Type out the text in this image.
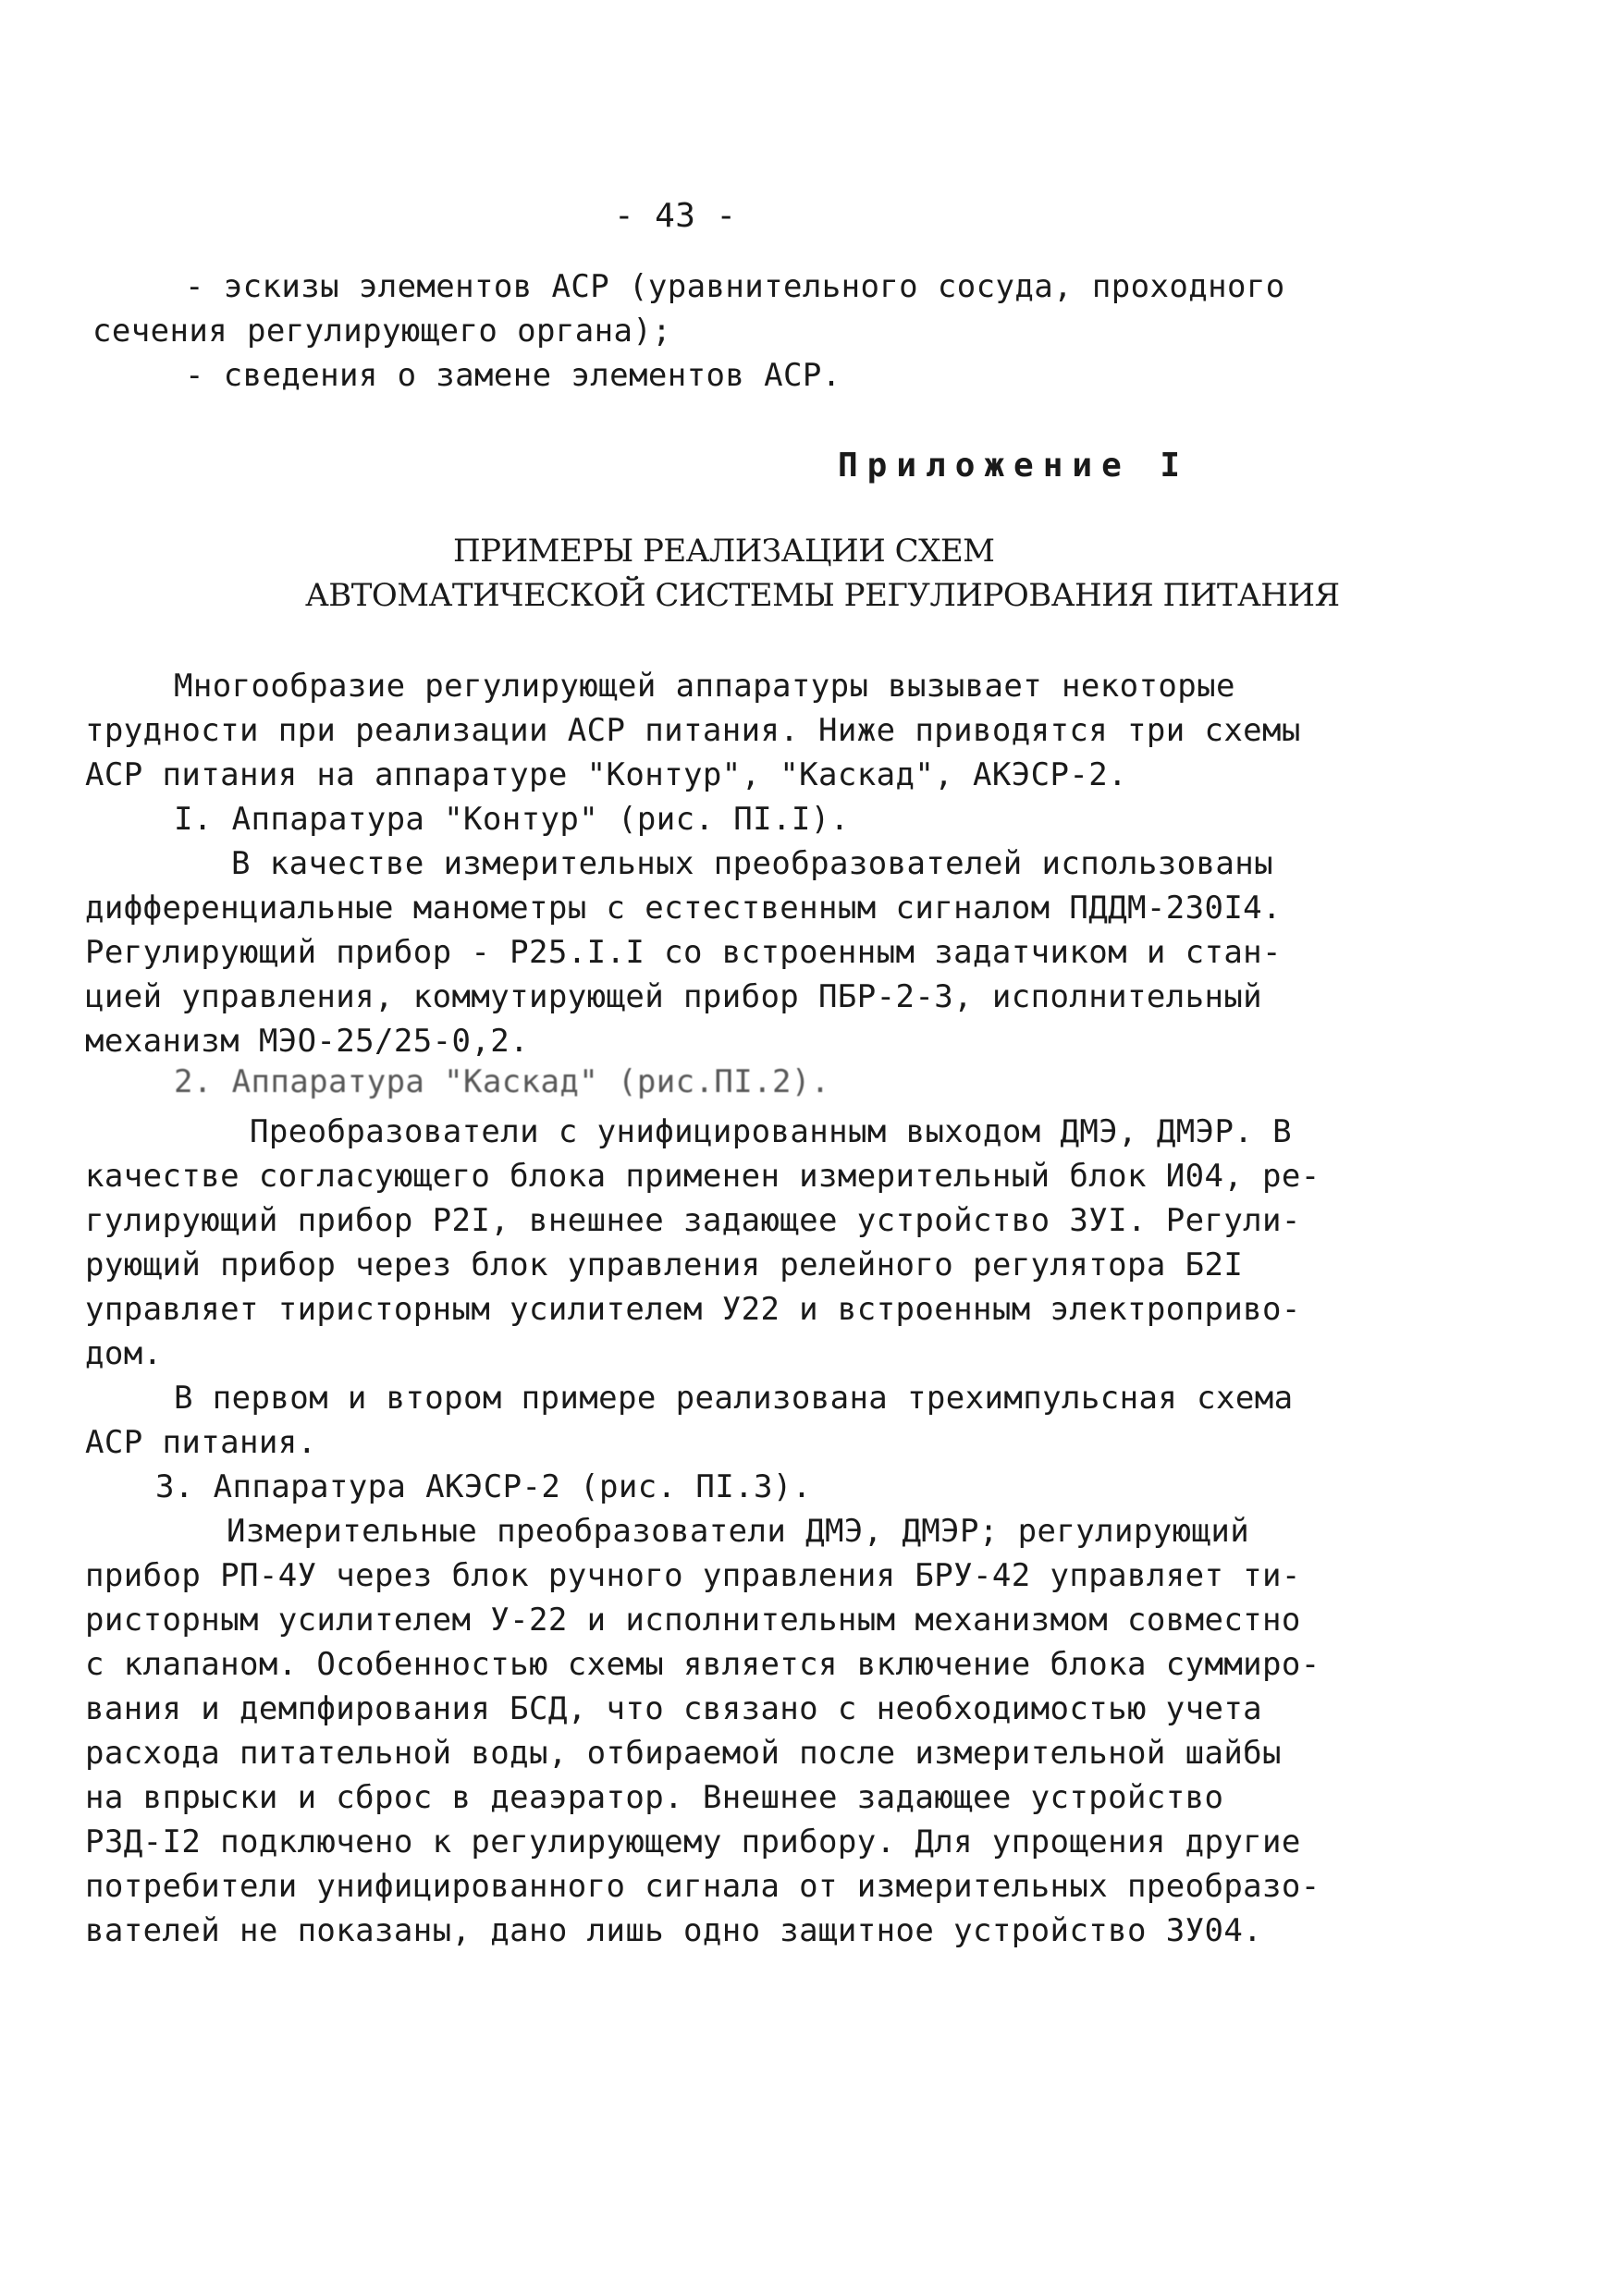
- 43 -
- эскизы элементов АСР (уравнительного сосуда, проходного
сечения регулирующего органа);
- сведения о замене элементов АСР.
Приложение I
ПРИМЕРЫ РЕАЛИЗАЦИИ СХЕМ
АВТОМАТИЧЕСКОЙ СИСТЕМЫ РЕГУЛИРОВАНИЯ ПИТАНИЯ
Многообразие регулирующей аппаратуры вызывает некоторые
трудности при реализации АСР питания. Ниже приводятся три схемы
АСР питания на аппаратуре "Контур", "Каскад", АКЭСР-2.
I. Аппаратура "Контур" (рис. ПI.I).
В качестве измерительных преобразователей использованы
дифференциальные манометры с естественным сигналом ПДДМ-230I4.
Регулирующий прибор - Р25.I.I со встроенным задатчиком и стан-
цией управления, коммутирующей прибор ПБР-2-3, исполнительный
механизм МЭО-25/25-0,2.
2. Аппаратура "Каскад" (рис.ПI.2).
Преобразователи с унифицированным выходом ДМЭ, ДМЭР. В
качестве согласующего блока применен измерительный блок И04, ре-
гулирующий прибор Р2I, внешнее задающее устройство ЗУI. Регули-
рующий прибор через блок управления релейного регулятора Б2I
управляет тиристорным усилителем У22 и встроенным электроприво-
дом.
В первом и втором примере реализована трехимпульсная схема
АСР питания.
3. Аппаратура АКЭСР-2 (рис. ПI.3).
Измерительные преобразователи ДМЭ, ДМЭР; регулирующий
прибор РП-4У через блок ручного управления БРУ-42 управляет ти-
ристорным усилителем У-22 и исполнительным механизмом совместно
с клапаном. Особенностью схемы является включение блока суммиро-
вания и демпфирования БСД, что связано с необходимостью учета
расхода питательной воды, отбираемой после измерительной шайбы
на впрыски и сброс в деаэратор. Внешнее задающее устройство
РЗД-I2 подключено к регулирующему прибору. Для упрощения другие
потребители унифицированного сигнала от измерительных преобразо-
вателей не показаны, дано лишь одно защитное устройство ЗУ04.
